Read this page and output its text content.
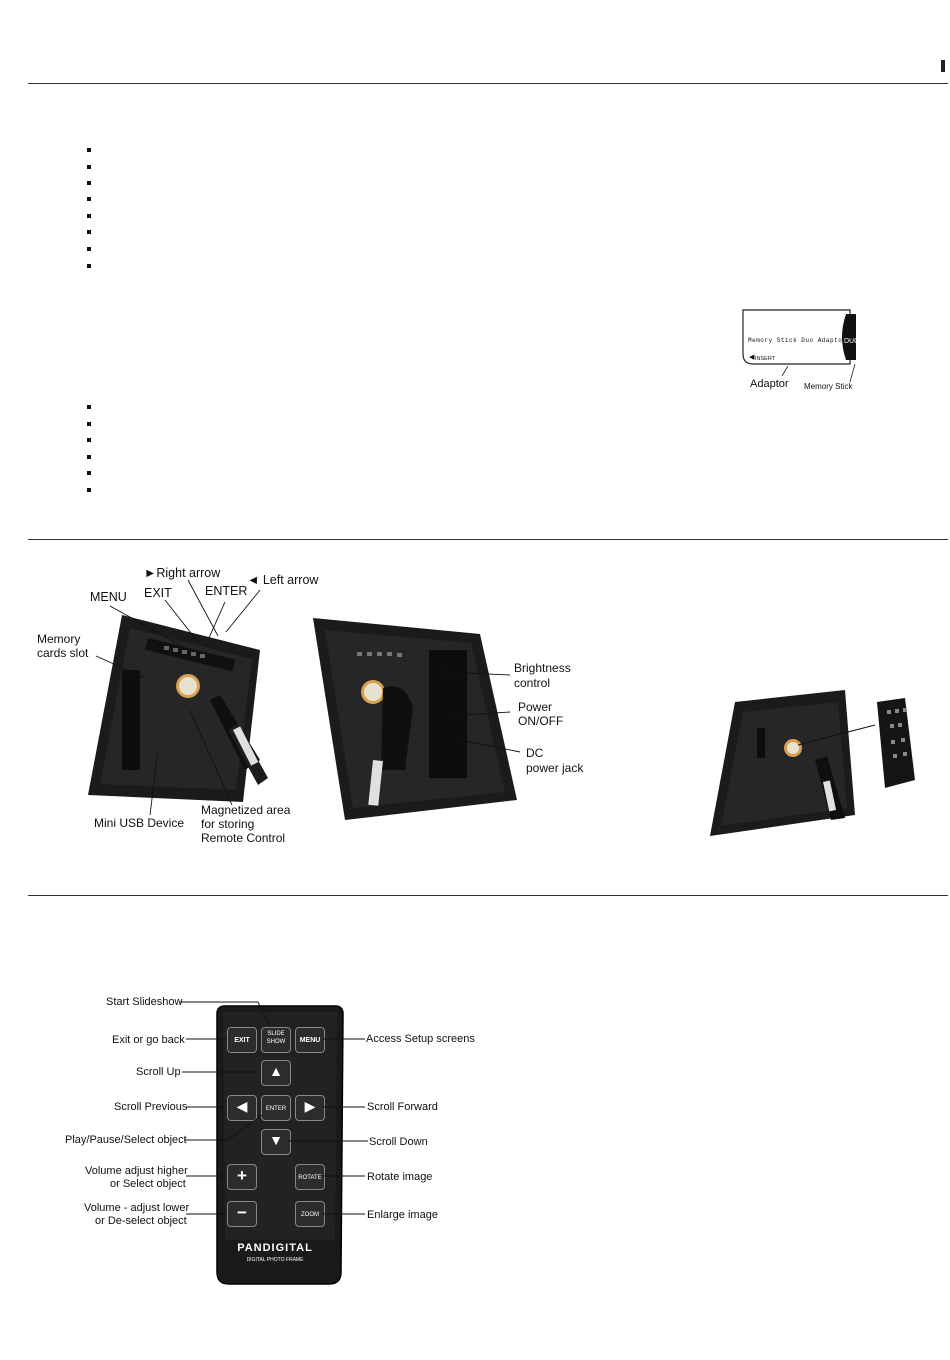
Memory Stick Duo Adaptor
INSERT
◀
DUO
Adaptor Memory Stick
►Right arrow ◄ Left arrow
MENU EXIT	ENTER
Memory
cards slot
Mini USB Device
Magnetized area
for storing
Remote Control
Brightness
control
Power
ON/OFF
DC
power jack
EXIT
SLIDE
SHOW	MENU
▲
◀	ENTER	▶
▼
+	ROTATE
−	ZOOM
PANDIGITAL
DIGITAL PHOTO FRAME
Start Slideshow
Exit or go back	Access Setup screens
Scroll Up
Scroll Previous	Scroll Forward
Play/Pause/Select object	Scroll Down
Volume adjust higher
or Select object
Rotate image
Volume - adjust lower
or De-select object	Enlarge image
